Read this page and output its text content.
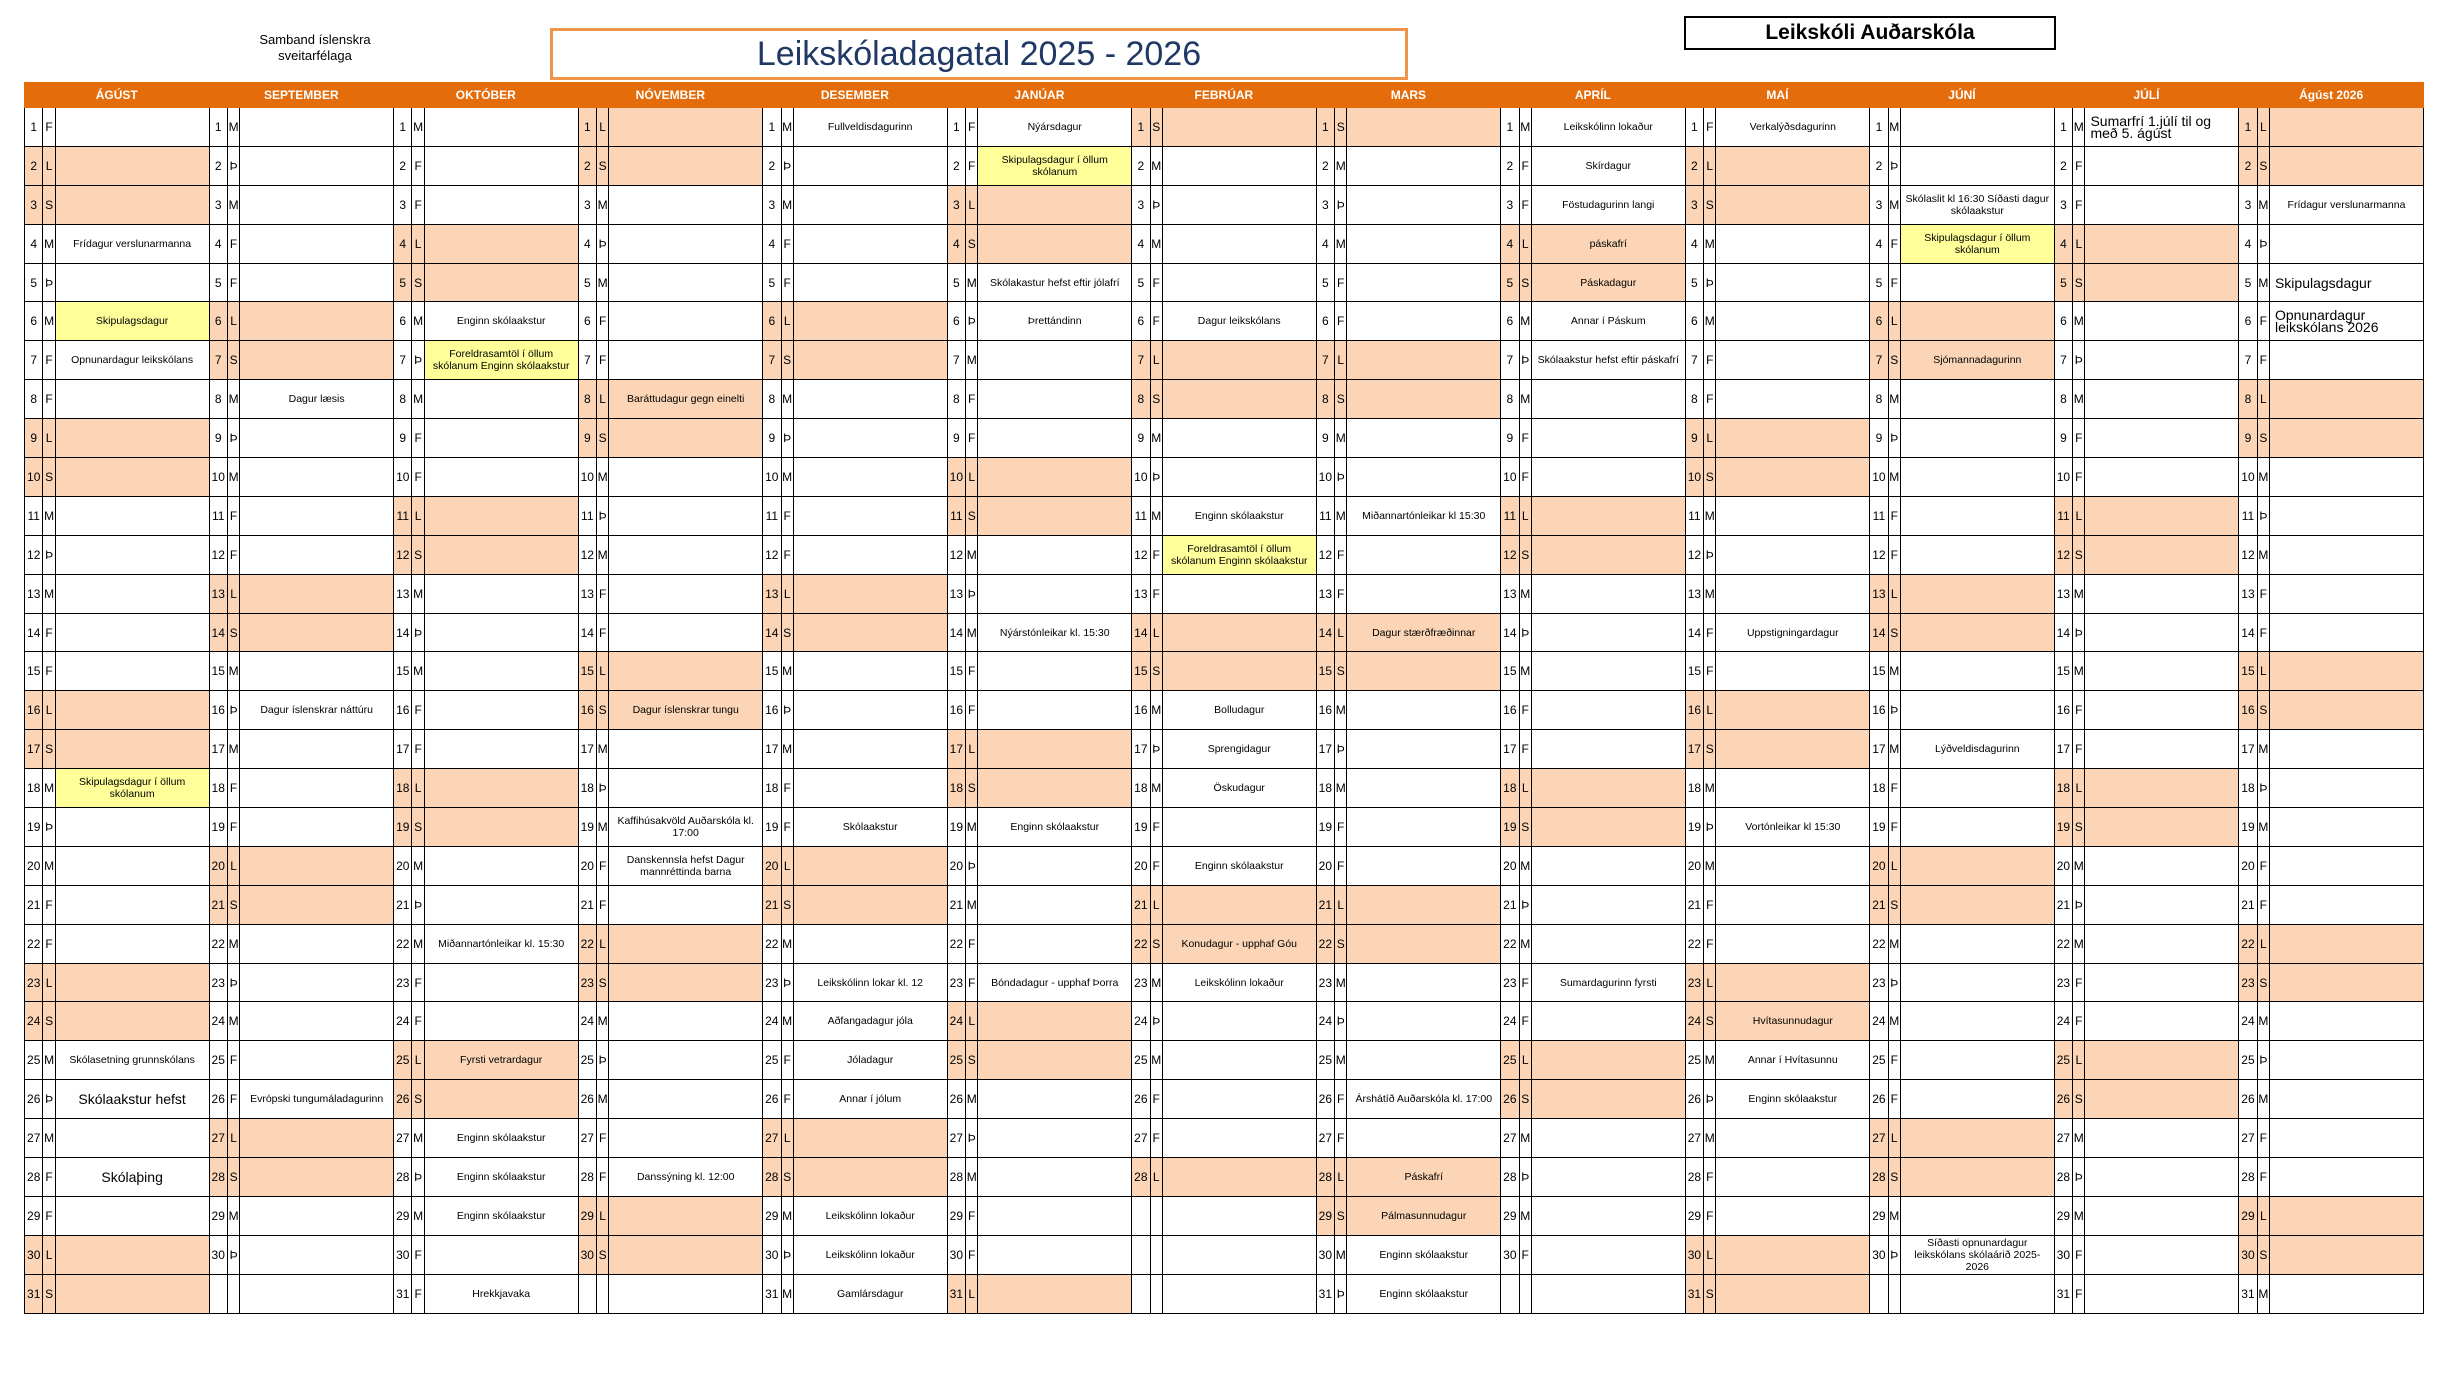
Samband íslenskra
sveitarfélaga	Leikskóladagatal 2025 - 2026
Leikskóli Auðarskóla
ÁGÚST			SEPTEMBER			OKTÓBER			NÓVEMBER			DESEMBER			JANÚAR			FEBRÚAR			MARS			APRÍL			MAÍ			JÚNÍ			JÚLÍ			Ágúst 2026		
1	F		1	M		1	M		1	L		1	M	Fullveldisdagurinn	1	F	Nýársdagur	1	S		1	S		1	M	Leikskólinn lokaður	1	F	Verkalýðsdagurinn	1	M		1	M	Sumarfrí 1.júlí til og með 5. ágúst	1	L	
2	L		2	Þ		2	F		2	S		2	Þ		2	F	Skipulagsdagur í öllum skólanum	2	M		2	M		2	F	Skírdagur	2	L		2	Þ		2	F		2	S	
3	S		3	M		3	F		3	M		3	M		3	L		3	Þ		3	Þ		3	F	Föstudagurinn langi	3	S		3	M	Skólaslit kl 16:30 Síðasti dagur skólaakstur	3	F		3	M	Frídagur verslunarmanna
4	M	Frídagur verslunarmanna	4	F		4	L		4	Þ		4	F		4	S		4	M		4	M		4	L	páskafrí	4	M		4	F	Skipulagsdagur í öllum skólanum	4	L		4	Þ	
5	Þ		5	F		5	S		5	M		5	F		5	M	Skólakastur hefst eftir jólafrí	5	F		5	F		5	S	Páskadagur	5	Þ		5	F		5	S		5	M	Skipulagsdagur
6	M	Skipulagsdagur	6	L		6	M	Enginn skólaakstur	6	F		6	L		6	Þ	Þrettándinn	6	F	Dagur leikskólans	6	F		6	M	Annar í Páskum	6	M		6	L		6	M		6	F	Opnunardagur leikskólans 2026
7	F	Opnunardagur leikskólans	7	S		7	Þ	Foreldrasamtöl í öllum skólanum Enginn skólaakstur	7	F		7	S		7	M		7	L		7	L		7	Þ	Skólaakstur hefst eftir páskafrí	7	F		7	S	Sjómannadagurinn	7	Þ		7	F	
8	F		8	M	Dagur læsis	8	M		8	L	Baráttudagur gegn einelti	8	M		8	F		8	S		8	S		8	M		8	F		8	M		8	M		8	L	
9	L		9	Þ		9	F		9	S		9	Þ		9	F		9	M		9	M		9	F		9	L		9	Þ		9	F		9	S	
10	S		10	M		10	F		10	M		10	M		10	L		10	Þ		10	Þ		10	F		10	S		10	M		10	F		10	M	
11	M		11	F		11	L		11	Þ		11	F		11	S		11	M	Enginn skólaakstur	11	M	Miðannartónleikar kl 15:30	11	L		11	M		11	F		11	L		11	Þ	
12	Þ		12	F		12	S		12	M		12	F		12	M		12	F	Foreldrasamtöl í öllum skólanum Enginn skólaakstur	12	F		12	S		12	Þ		12	F		12	S		12	M	
13	M		13	L		13	M		13	F		13	L		13	Þ		13	F		13	F		13	M		13	M		13	L		13	M		13	F	
14	F		14	S		14	Þ		14	F		14	S		14	M	Nýárstónleikar kl. 15:30	14	L		14	L	Dagur stærðfræðinnar	14	Þ		14	F	Uppstigningardagur	14	S		14	Þ		14	F	
15	F		15	M		15	M		15	L		15	M		15	F		15	S		15	S		15	M		15	F		15	M		15	M		15	L	
16	L		16	Þ	Dagur íslenskrar náttúru	16	F		16	S	Dagur íslenskrar tungu	16	Þ		16	F		16	M	Bolludagur	16	M		16	F		16	L		16	Þ		16	F		16	S	
17	S		17	M		17	F		17	M		17	M		17	L		17	Þ	Sprengidagur	17	Þ		17	F		17	S		17	M	Lýðveldisdagurinn	17	F		17	M	
18	M	Skipulagsdagur í öllum skólanum	18	F		18	L		18	Þ		18	F		18	S		18	M	Öskudagur	18	M		18	L		18	M		18	F		18	L		18	Þ	
19	Þ		19	F		19	S		19	M	Kaffihúsakvöld Auðarskóla kl. 17:00	19	F	Skólaakstur	19	M	Enginn skólaakstur	19	F		19	F		19	S		19	Þ	Vortónleikar kl 15:30	19	F		19	S		19	M	
20	M		20	L		20	M		20	F	Danskennsla hefst Dagur mannréttinda barna	20	L		20	Þ		20	F	Enginn skólaakstur	20	F		20	M		20	M		20	L		20	M		20	F	
21	F		21	S		21	Þ		21	F		21	S		21	M		21	L		21	L		21	Þ		21	F		21	S		21	Þ		21	F	
22	F		22	M		22	M	Miðannartónleikar kl. 15:30	22	L		22	M		22	F		22	S	Konudagur - upphaf Góu	22	S		22	M		22	F		22	M		22	M		22	L	
23	L		23	Þ		23	F		23	S		23	Þ	Leikskólinn lokar kl. 12	23	F	Bóndadagur - upphaf Þorra	23	M	Leikskólinn lokaður	23	M		23	F	Sumardagurinn fyrsti	23	L		23	Þ		23	F		23	S	
24	S		24	M		24	F		24	M		24	M	Aðfangadagur jóla	24	L		24	Þ		24	Þ		24	F		24	S	Hvítasunnudagur	24	M		24	F		24	M	
25	M	Skólasetning grunnskólans	25	F		25	L	Fyrsti vetrardagur	25	Þ		25	F	Jóladagur	25	S		25	M		25	M		25	L		25	M	Annar í Hvítasunnu	25	F		25	L		25	Þ	
26	Þ	Skólaakstur hefst	26	F	Evrópski tungumáladagurinn	26	S		26	M		26	F	Annar í jólum	26	M		26	F		26	F	Árshátíð Auðarskóla kl. 17:00	26	S		26	Þ	Enginn skólaakstur	26	F		26	S		26	M	
27	M		27	L		27	M	Enginn skólaakstur	27	F		27	L		27	Þ		27	F		27	F		27	M		27	M		27	L		27	M		27	F	
28	F	Skólaþing	28	S		28	Þ	Enginn skólaakstur	28	F	Danssýning kl. 12:00	28	S		28	M		28	L		28	L	Páskafrí	28	Þ		28	F		28	S		28	Þ		28	F	
29	F		29	M		29	M	Enginn skólaakstur	29	L		29	M	Leikskólinn lokaður	29	F					29	S	Pálmasunnudagur	29	M		29	F		29	M		29	M		29	L	
30	L		30	Þ		30	F		30	S		30	Þ	Leikskólinn lokaður	30	F					30	M	Enginn skólaakstur	30	F		30	L		30	Þ	Síðasti opnunardagur leikskólans skólaárið 2025-2026	30	F		30	S	
31	S					31	F	Hrekkjavaka				31	M	Gamlársdagur	31	L					31	Þ	Enginn skólaakstur				31	S					31	F		31	M	
